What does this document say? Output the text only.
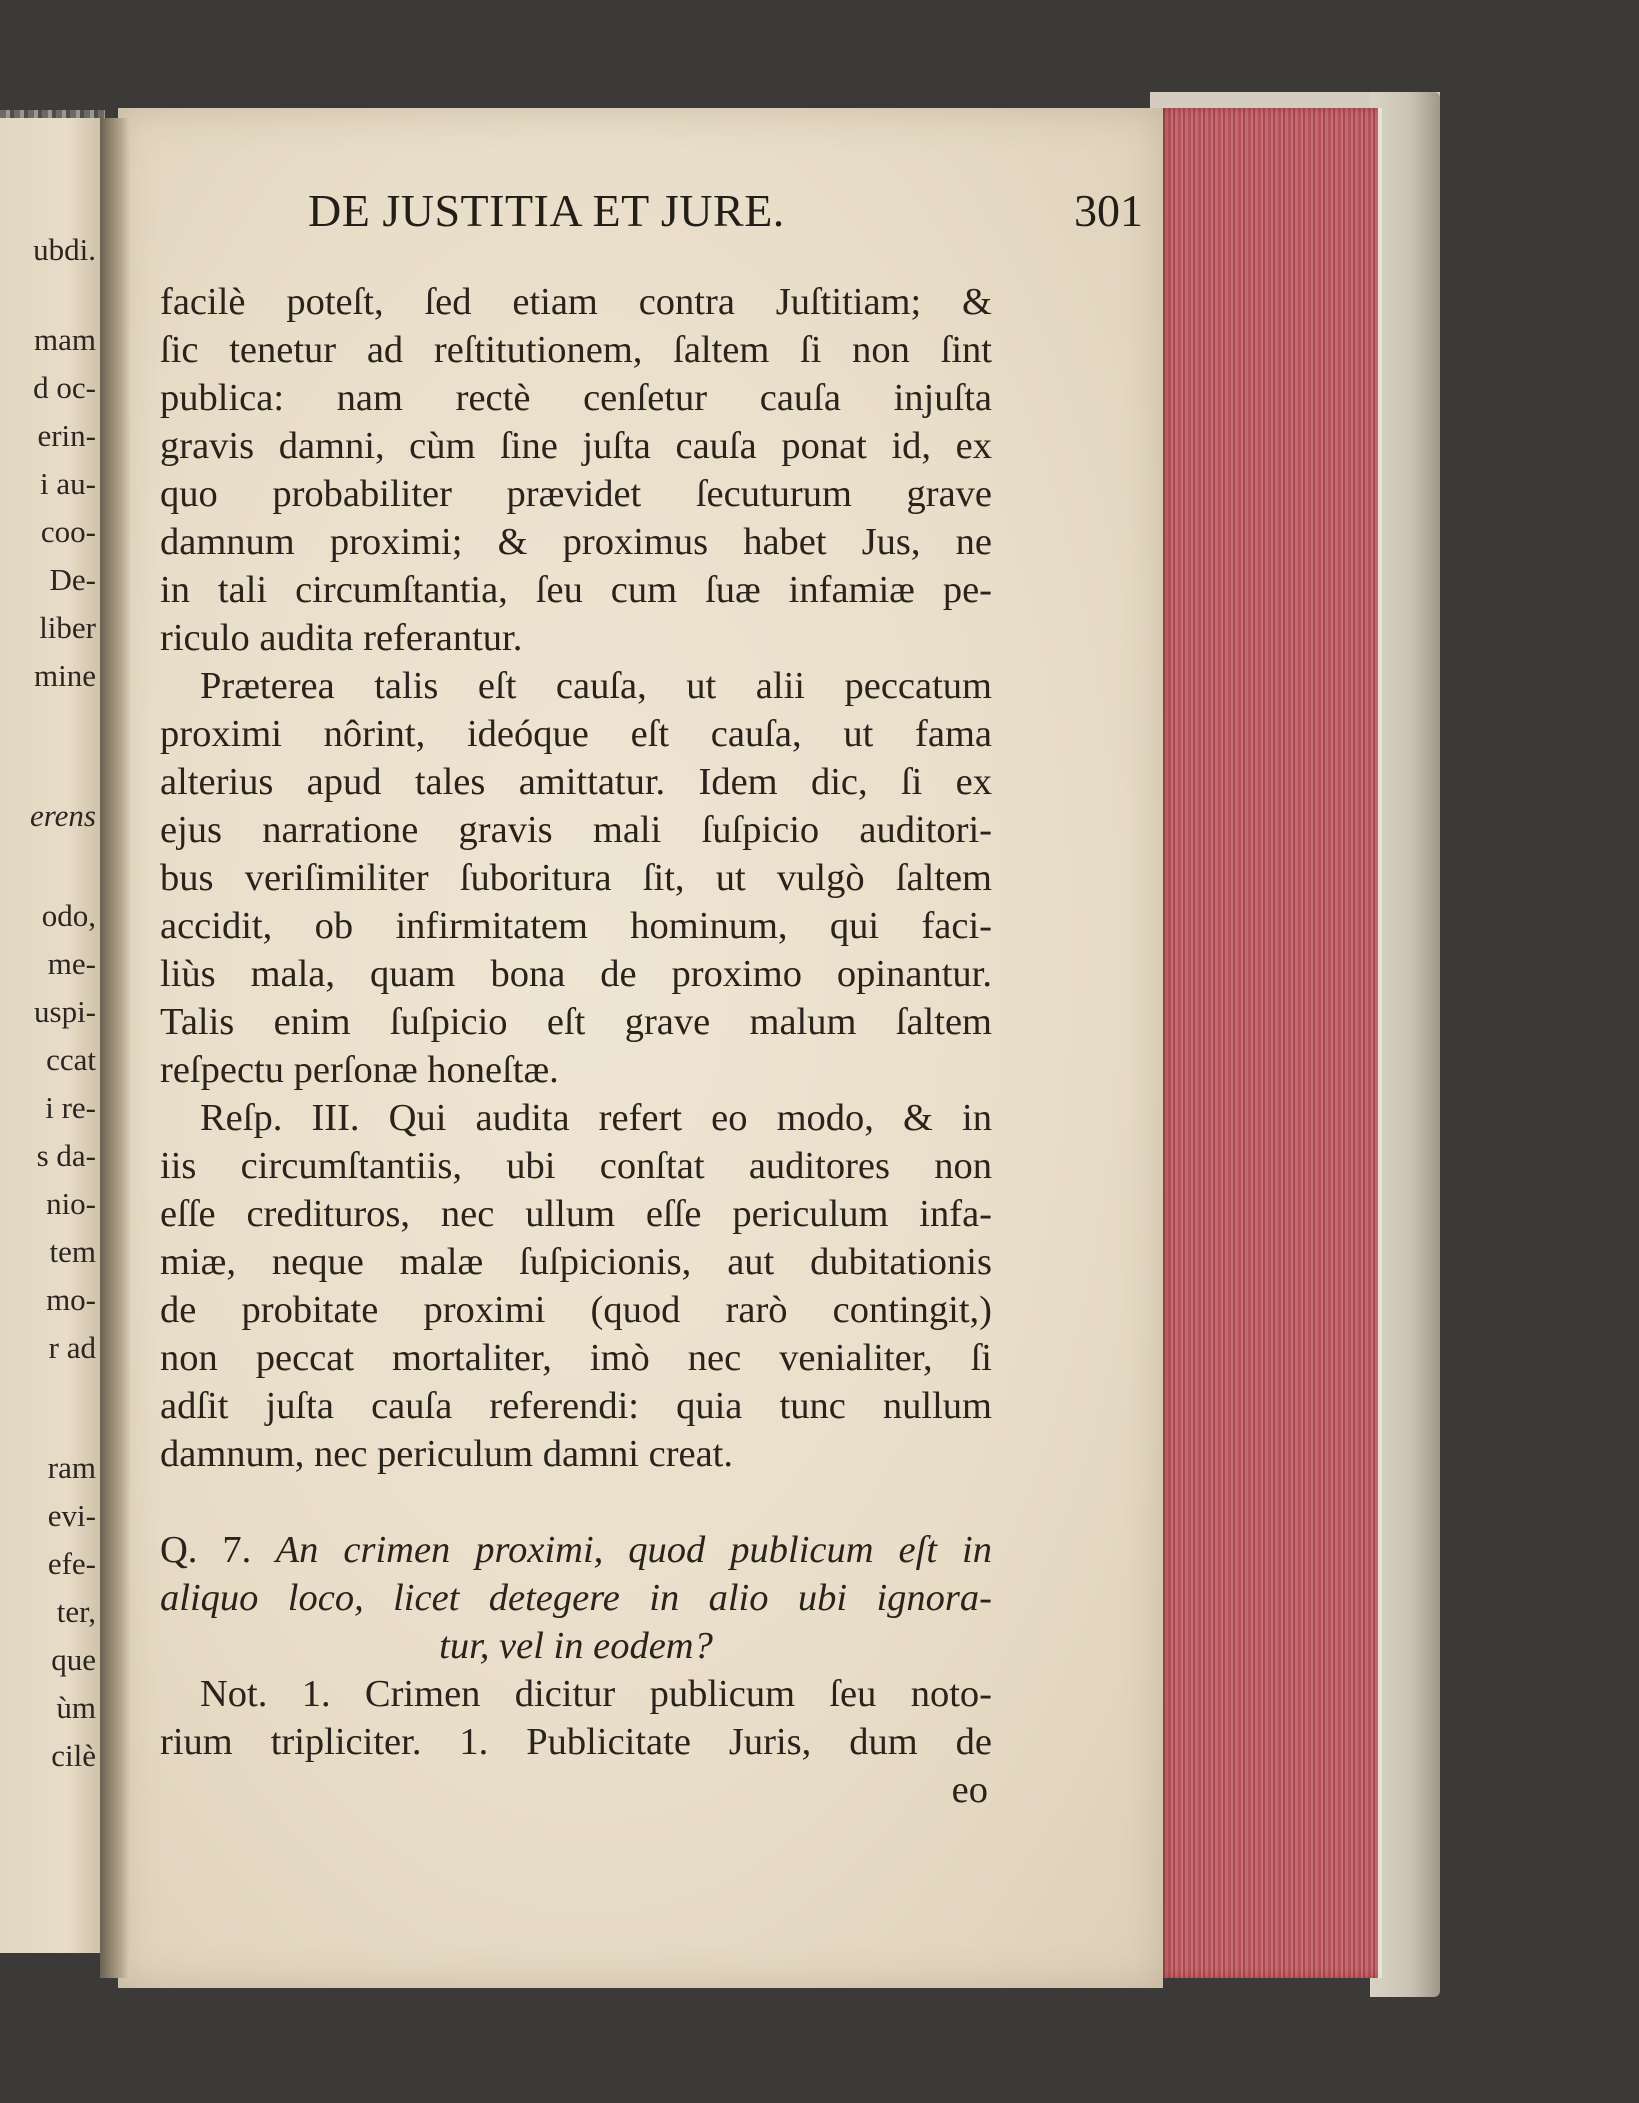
ubdi.
mam
d oc-
erin-
i au-
coo-
De-
liber
mine
erens
odo,
me-
uspi-
ccat
i re-
s da-
nio-
tem
mo-
r ad
ram
evi-
efe-
ter,
que
ùm
cilè
DE JUSTITIA ET JURE.	301
facilè poteſt, ſed etiam contra Juſtitiam; &
ſic tenetur ad reſtitutionem, ſaltem ſi non ſint
publica: nam rectè cenſetur cauſa injuſta
gravis damni, cùm ſine juſta cauſa ponat id, ex
quo probabiliter prævidet ſecuturum grave
damnum proximi; & proximus habet Jus, ne
in tali circumſtantia, ſeu cum ſuæ infamiæ pe-
riculo audita referantur.
Præterea talis eſt cauſa, ut alii peccatum
proximi nôrint, ideóque eſt cauſa, ut fama
alterius apud tales amittatur. Idem dic, ſi ex
ejus narratione gravis mali ſuſpicio auditori-
bus veriſimiliter ſuboritura ſit, ut vulgò ſaltem
accidit, ob infirmitatem hominum, qui faci-
liùs mala, quam bona de proximo opinantur.
Talis enim ſuſpicio eſt grave malum ſaltem
reſpectu perſonæ honeſtæ.
Reſp. III. Qui audita refert eo modo, & in
iis circumſtantiis, ubi conſtat auditores non
eſſe credituros, nec ullum eſſe periculum infa-
miæ, neque malæ ſuſpicionis, aut dubitationis
de probitate proximi (quod rarò contingit,)
non peccat mortaliter, imò nec venialiter, ſi
adſit juſta cauſa referendi: quia tunc nullum
damnum, nec periculum damni creat.
Q. 7. An crimen proximi, quod publicum eſt in
aliquo loco, licet detegere in alio ubi ignora-
tur, vel in eodem?
Not. 1. Crimen dicitur publicum ſeu noto-
rium tripliciter. 1. Publicitate Juris, dum de
eo
